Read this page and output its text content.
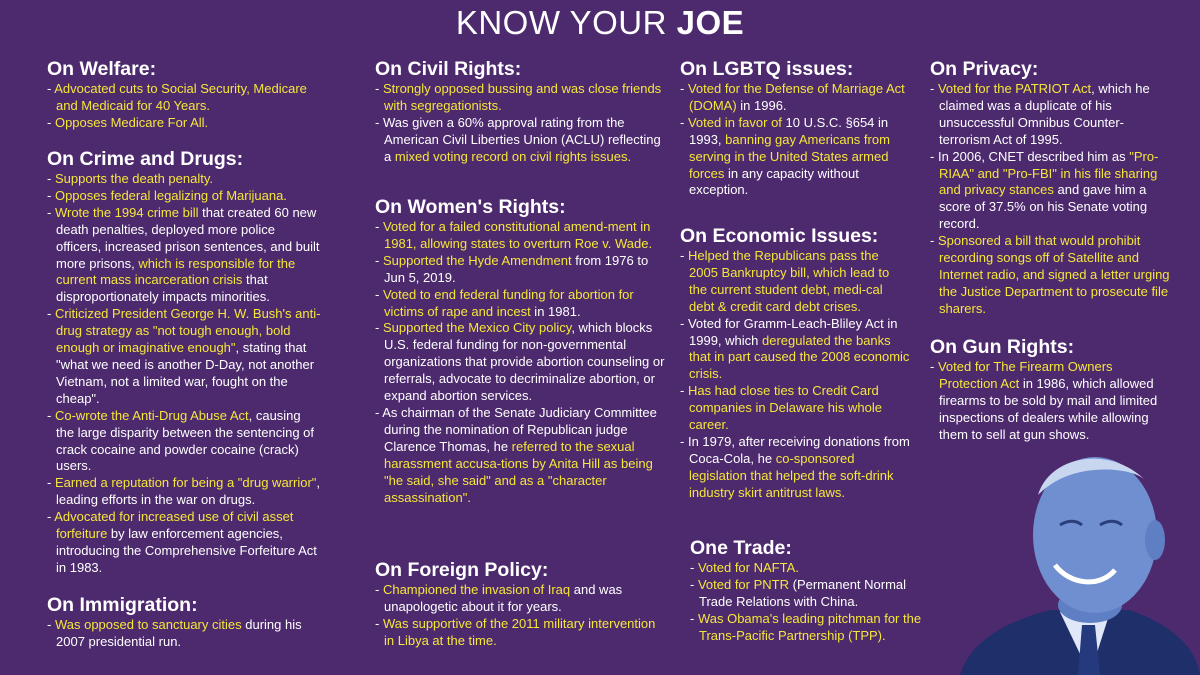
KNOW YOUR JOE
On Welfare:
- Advocated cuts to Social Security, Medicare and Medicaid for 40 Years.
- Opposes Medicare For All.
On Crime and Drugs:
- Supports the death penalty.
- Opposes federal legalizing of Marijuana.
- Wrote the 1994 crime bill that created 60 new death penalties, deployed more police officers, increased prison sentences, and built more prisons, which is responsible for the current mass incarceration crisis that disproportionately impacts minorities.
- Criticized President George H. W. Bush's anti-drug strategy as "not tough enough, bold enough or imaginative enough", stating that "what we need is another D-Day, not another Vietnam, not a limited war, fought on the cheap".
- Co-wrote the Anti-Drug Abuse Act, causing the large disparity between the sentencing of crack cocaine and powder cocaine (crack) users.
- Earned a reputation for being a "drug warrior", leading efforts in the war on drugs.
- Advocated for increased use of civil asset forfeiture by law enforcement agencies, introducing the Comprehensive Forfeiture Act in 1983.
On Immigration:
- Was opposed to sanctuary cities during his 2007 presidential run.
On Civil Rights:
- Strongly opposed bussing and was close friends with segregationists.
- Was given a 60% approval rating from the American Civil Liberties Union (ACLU) reflecting a mixed voting record on civil rights issues.
On Women's Rights:
- Voted for a failed constitutional amend-ment in 1981, allowing states to overturn Roe v. Wade.
- Supported the Hyde Amendment from 1976 to Jun 5, 2019.
- Voted to end federal funding for abortion for victims of rape and incest in 1981.
- Supported the Mexico City policy, which blocks U.S. federal funding for non-governmental organizations that provide abortion counseling or referrals, advocate to decriminalize abortion, or expand abortion services.
- As chairman of the Senate Judiciary Committee during the nomination of Republican judge Clarence Thomas, he referred to the sexual harassment accusa-tions by Anita Hill as being "he said, she said" and as a "character assassination".
On Foreign Policy:
- Championed the invasion of Iraq and was unapologetic about it for years.
- Was supportive of the 2011 military intervention in Libya at the time.
On LGBTQ issues:
- Voted for the Defense of Marriage Act (DOMA) in 1996.
- Voted in favor of 10 U.S.C. §654 in 1993, banning gay Americans from serving in the United States armed forces in any capacity without exception.
On Economic Issues:
- Helped the Republicans pass the 2005 Bankruptcy bill, which lead to the current student debt, medi-cal debt & credit card debt crises.
- Voted for Gramm-Leach-Bliley Act in 1999, which deregulated the banks that in part caused the 2008 economic crisis.
- Has had close ties to Credit Card companies in Delaware his whole career.
- In 1979, after receiving donations from Coca-Cola, he co-sponsored legislation that helped the soft-drink industry skirt antitrust laws.
One Trade:
- Voted for NAFTA.
- Voted for PNTR (Permanent Normal Trade Relations with China.
- Was Obama's leading pitchman for the Trans-Pacific Partnership (TPP).
On Privacy:
- Voted for the PATRIOT Act, which he claimed was a duplicate of his unsuccessful Omnibus Counter-terrorism Act of 1995.
- In 2006, CNET described him as "Pro-RIAA" and "Pro-FBI" in his file sharing and privacy stances and gave him a score of 37.5% on his Senate voting record.
- Sponsored a bill that would prohibit recording songs off of Satellite and Internet radio, and signed a letter urging the Justice Department to prosecute file sharers.
On Gun Rights:
- Voted for The Firearm Owners Protection Act in 1986, which allowed firearms to be sold by mail and limited inspections of dealers while allowing them to sell at gun shows.
